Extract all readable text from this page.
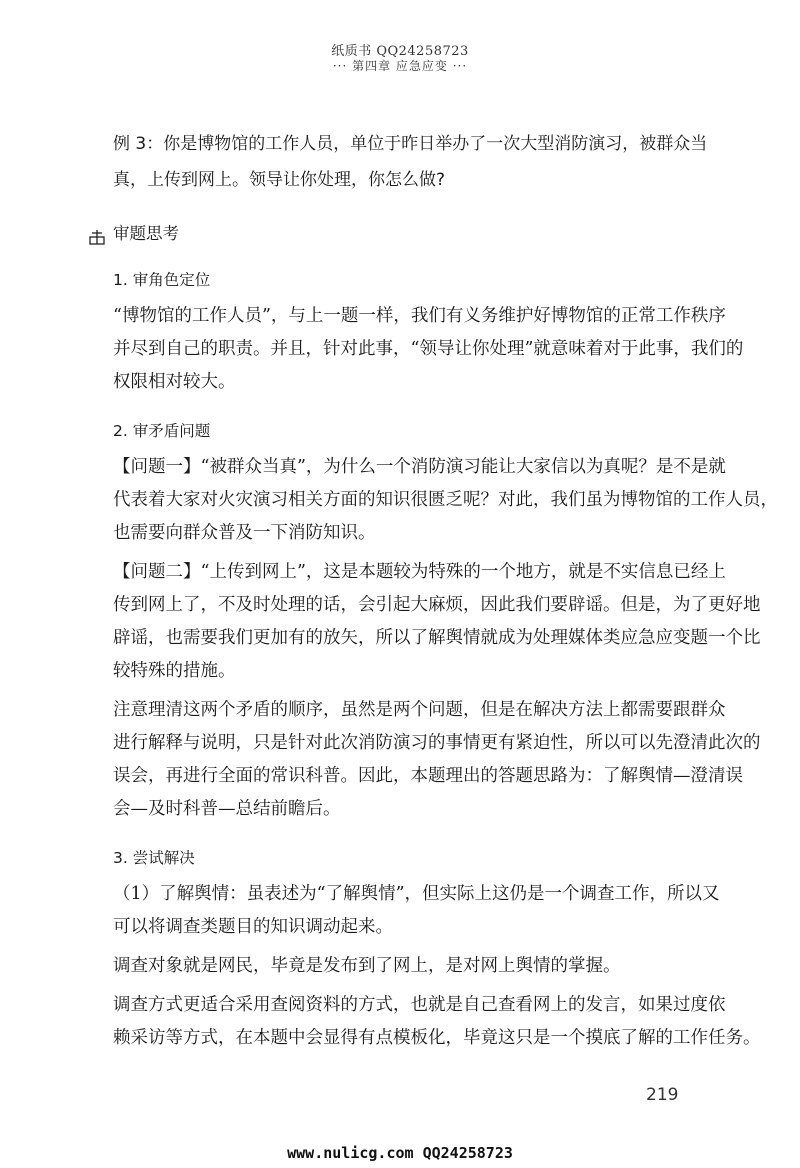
纸质书 QQ24258723
··· 第四章 应急应变 ···

例 3：你是博物馆的工作人员，单位于昨日举办了一次大型消防演习，被群众当

真，上传到网上。领导让你处理，你怎么做?

审题思考
1. 审角色定位

“博物馆的工作人员”，与上一题一样，我们有义务维护好博物馆的正常工作秩序

并尽到自己的职责。并且，针对此事，“领导让你处理”就意味着对于此事，我们的

权限相对较大。

2. 审矛盾问题

【问题一】“被群众当真”，为什么一个消防演习能让大家信以为真呢？是不是就

代表着大家对火灾演习相关方面的知识很匮乏呢？对此，我们虽为博物馆的工作人员，

也需要向群众普及一下消防知识。

【问题二】“上传到网上”，这是本题较为特殊的一个地方，就是不实信息已经上

传到网上了，不及时处理的话，会引起大麻烦，因此我们要辟谣。但是，为了更好地

辟谣，也需要我们更加有的放矢，所以了解舆情就成为处理媒体类应急应变题一个比

较特殊的措施。

注意理清这两个矛盾的顺序，虽然是两个问题，但是在解决方法上都需要跟群众

进行解释与说明，只是针对此次消防演习的事情更有紧迫性，所以可以先澄清此次的

误会，再进行全面的常识科普。因此，本题理出的答题思路为：了解舆情—澄清误

会—及时科普—总结前瞻后。

3. 尝试解决

（1）了解舆情：虽表述为“了解舆情”，但实际上这仍是一个调查工作，所以又

可以将调查类题目的知识调动起来。

调查对象就是网民，毕竟是发布到了网上，是对网上舆情的掌握。

调查方式更适合采用查阅资料的方式，也就是自己查看网上的发言，如果过度依

赖采访等方式，在本题中会显得有点模板化，毕竟这只是一个摸底了解的工作任务。

219
www.nulicg.com QQ24258723
